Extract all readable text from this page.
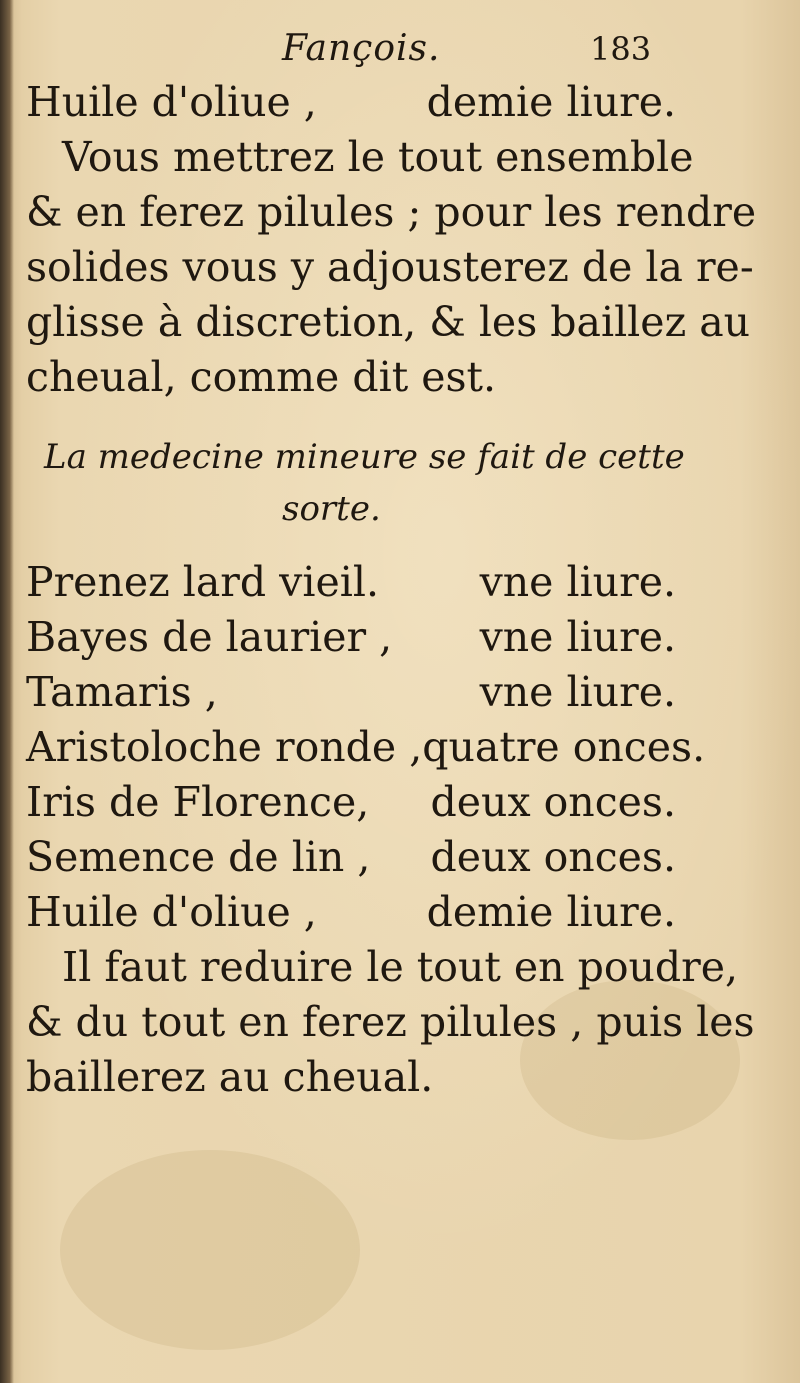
Fançois.	183
Huile d'oliue ,	demie liure.
Vous mettrez le tout ensemble
& en ferez pilules ; pour les rendre
solides vous y adjousterez de la re-
glisse à discretion, & les baillez au
cheual, comme dit est.
La medecine mineure se fait de cette
sorte.
Prenez lard vieil. vne liure.
Bayes de laurier , vne liure.
Tamaris ,	vne liure.
Aristoloche ronde , quatre onces.
Iris de Florence, deux onces.
Semence de lin , deux onces.
Huile d'oliue ,	demie liure.
Il faut reduire le tout en poudre,
& du tout en ferez pilules , puis les
baillerez au cheual.
